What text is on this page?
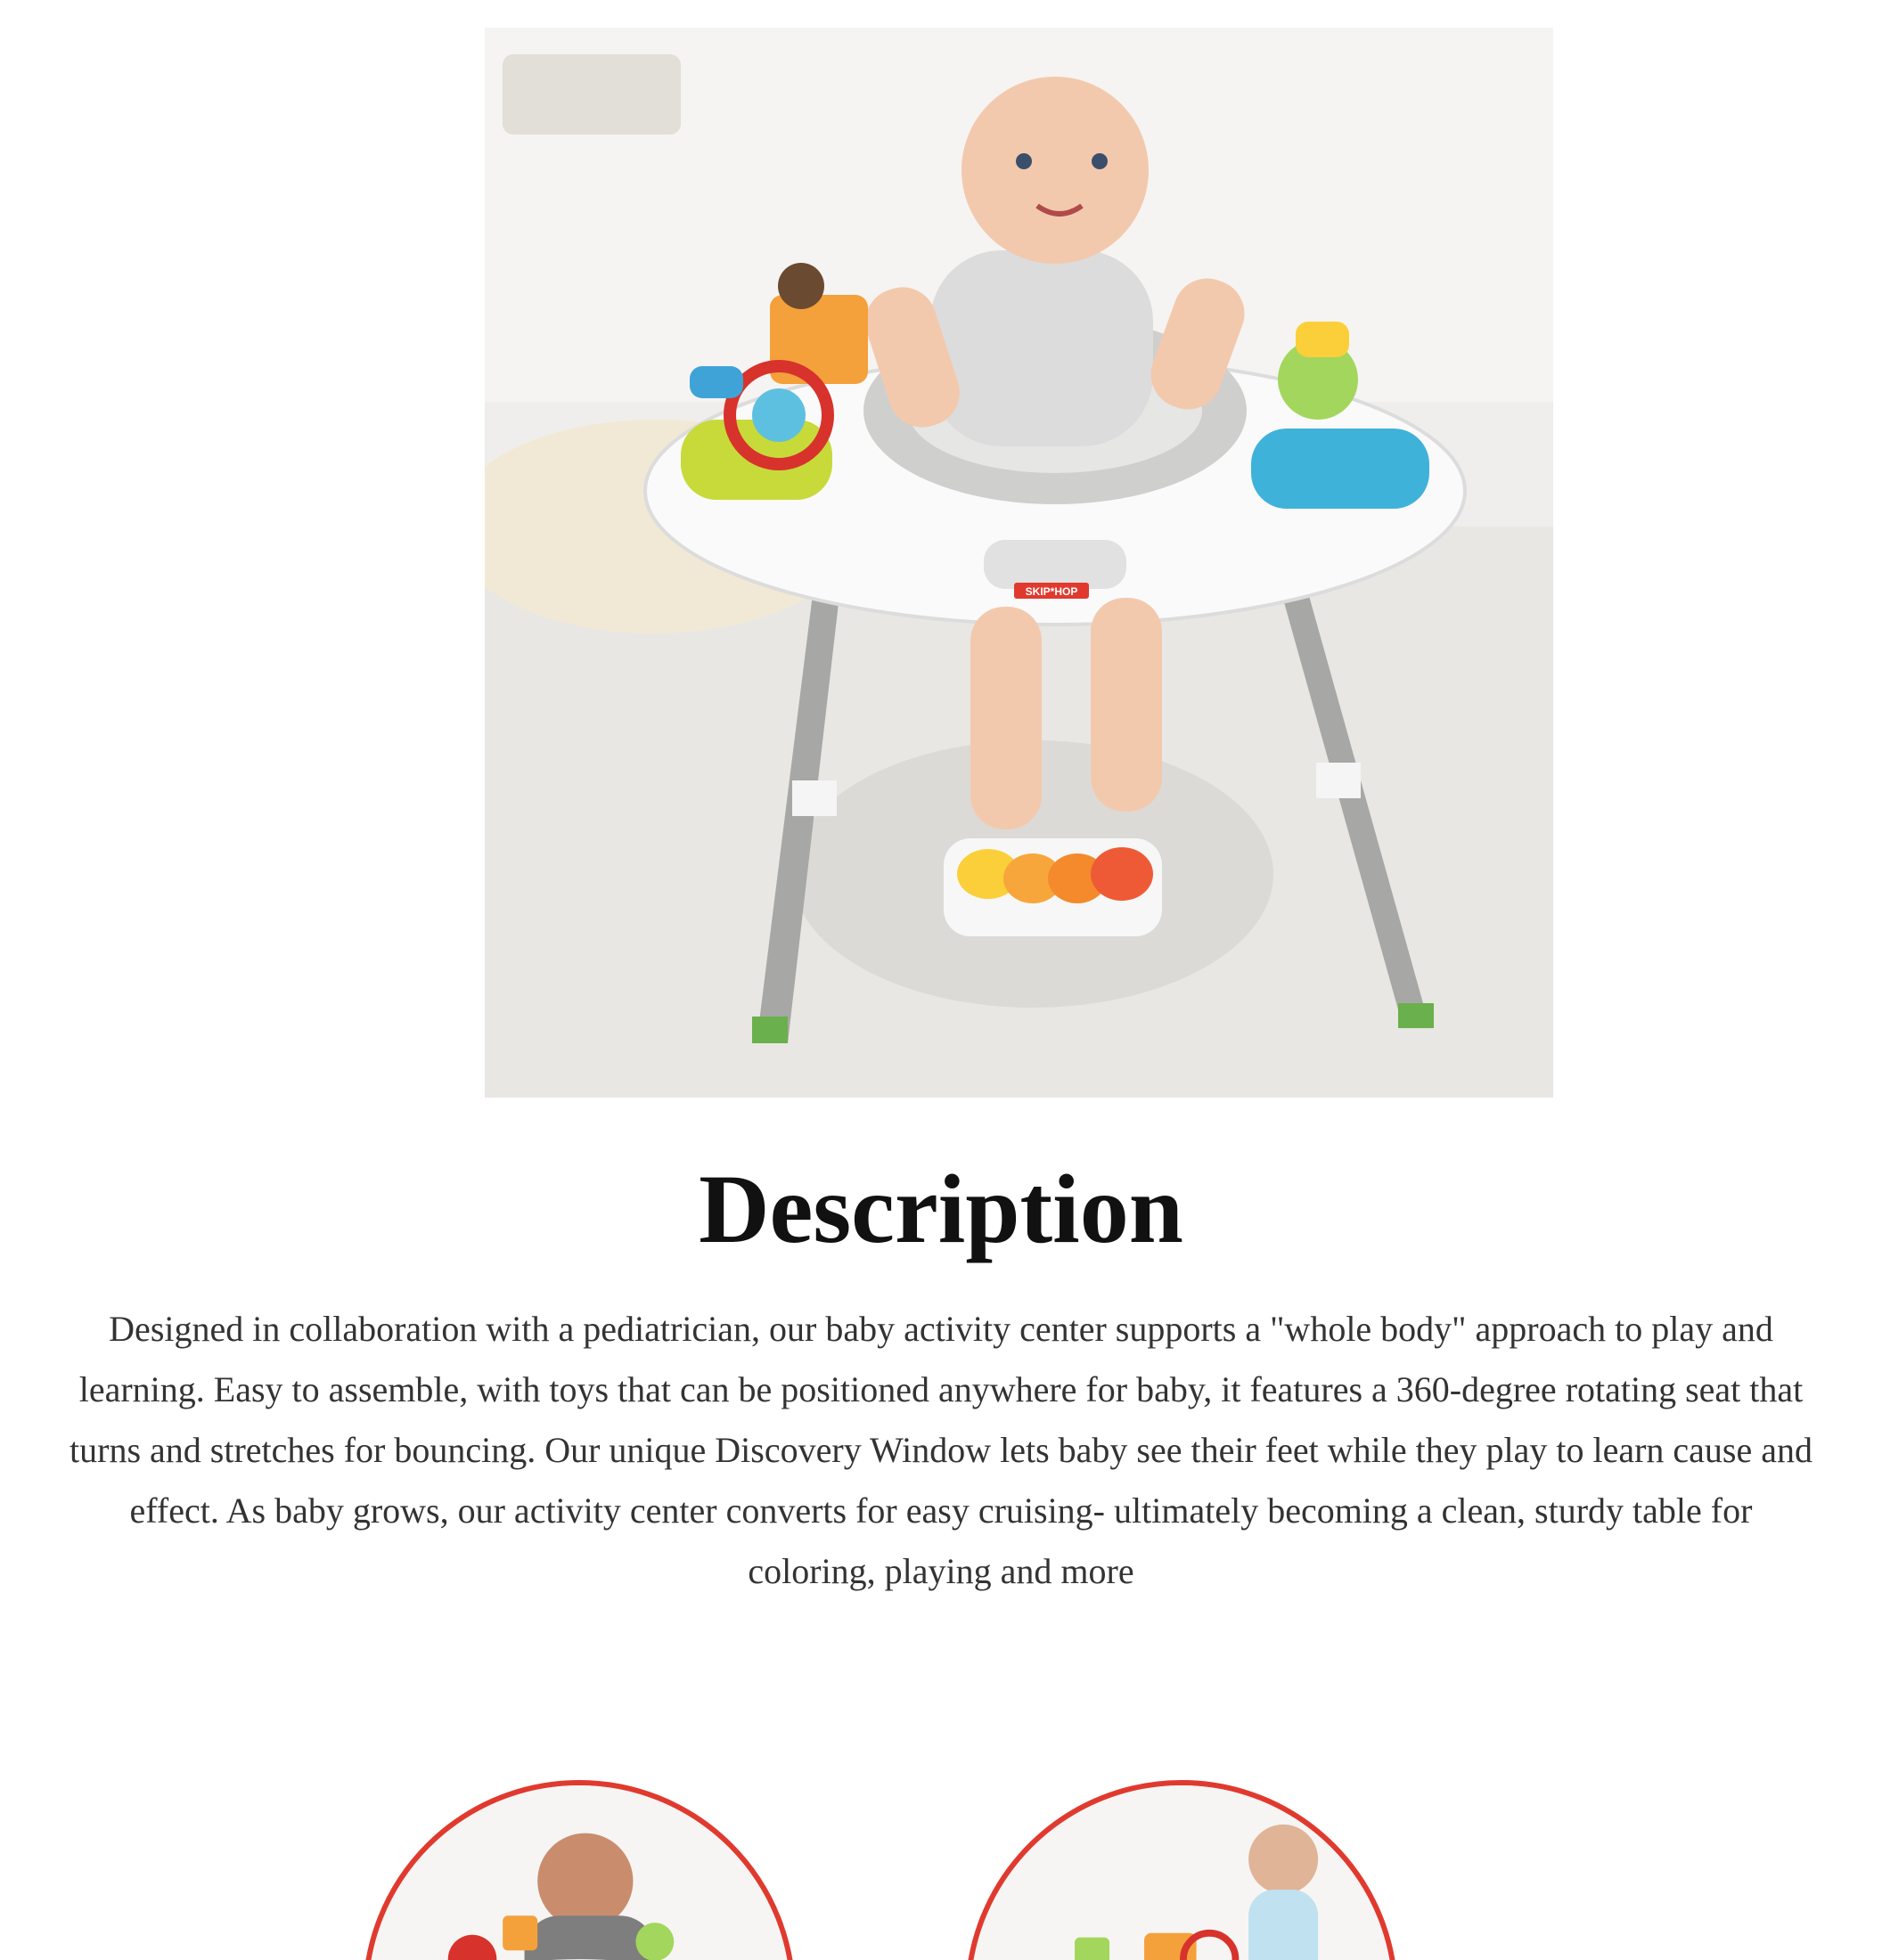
SKIP*HOP
Description

Designed in collaboration with a pediatrician, our baby activity center supports a "whole body" approach to play and learning. Easy to assemble, with toys that can be positioned anywhere for baby, it features a 360-degree rotating seat that turns and stretches for bouncing. Our unique Discovery Window lets baby see their feet while they play to learn cause and effect. As baby grows, our activity center converts for easy cruising- ultimately becoming a clean, sturdy table for coloring, playing and more
